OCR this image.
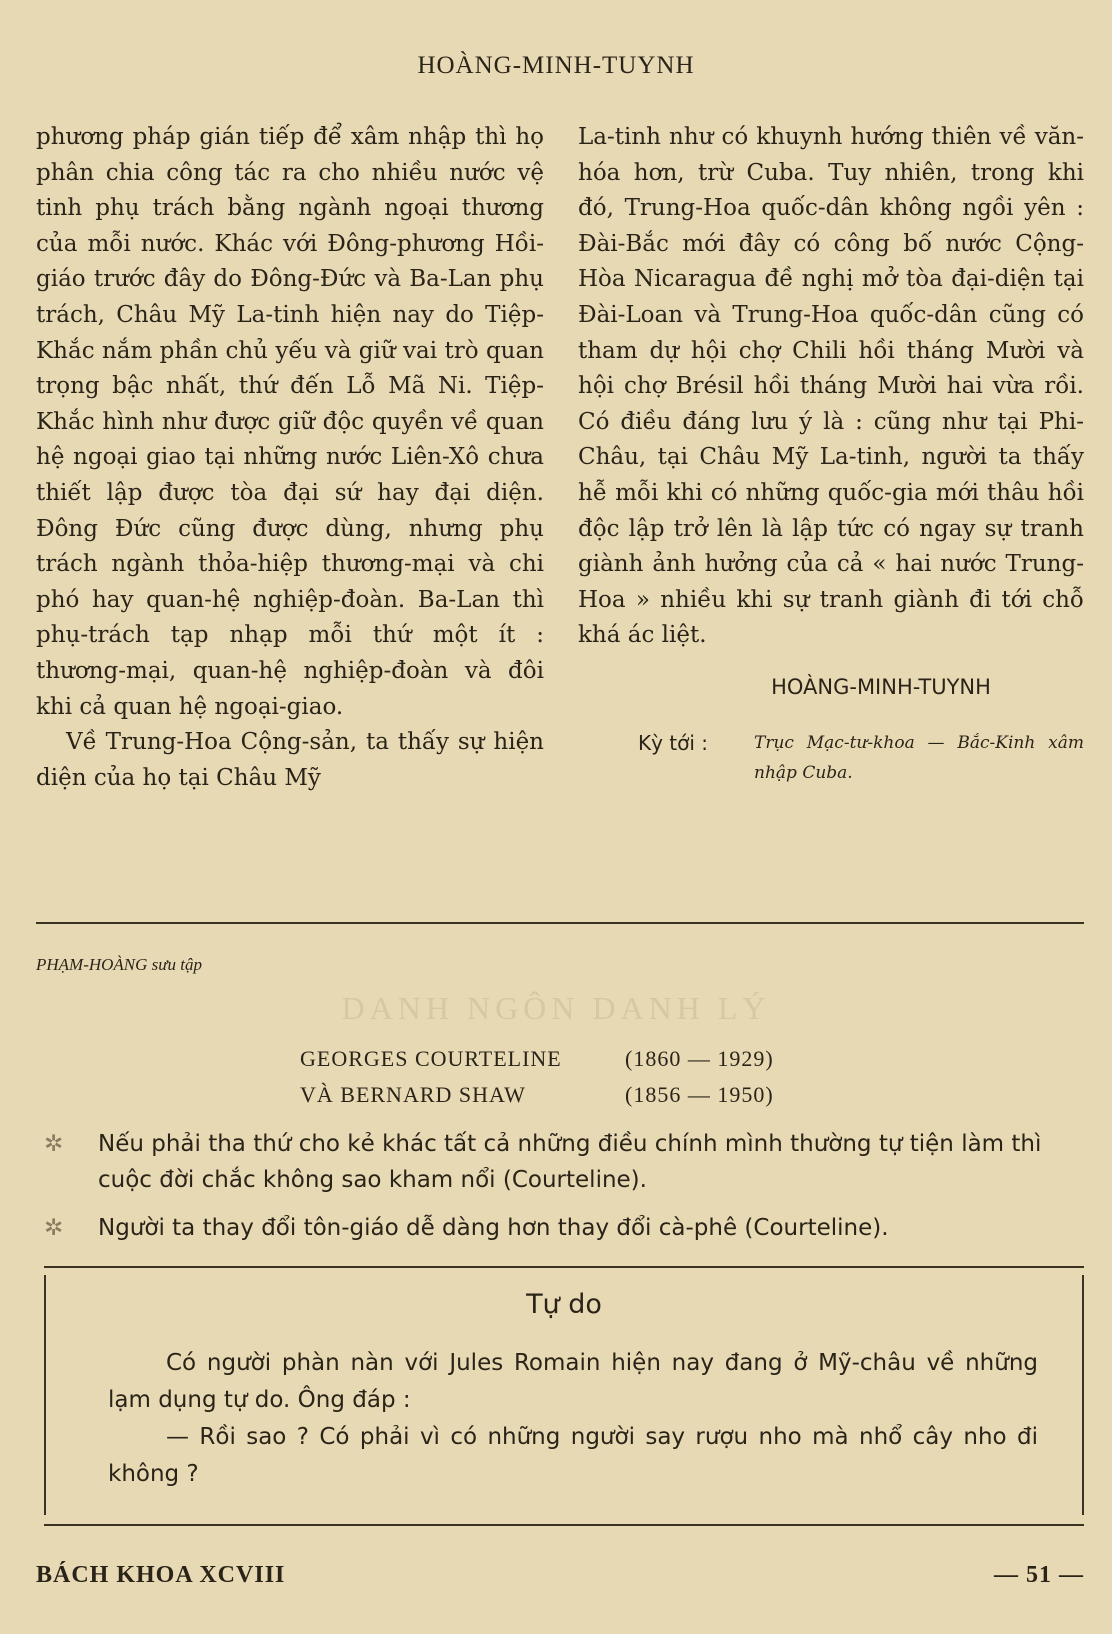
HOÀNG-MINH-TUYNH

phương pháp gián tiếp để xâm nhập thì họ phân chia công tác ra cho nhiều nước vệ tinh phụ trách bằng ngành ngoại thương của mỗi nước. Khác với Đông-phương Hồi-giáo trước đây do Đông-Đức và Ba-Lan phụ trách, Châu Mỹ La-tinh hiện nay do Tiệp-Khắc nắm phần chủ yếu và giữ vai trò quan trọng bậc nhất, thứ đến Lỗ Mã Ni. Tiệp-Khắc hình như được giữ độc quyền về quan hệ ngoại giao tại những nước Liên-Xô chưa thiết lập được tòa đại sứ hay đại diện. Đông Đức cũng được dùng, nhưng phụ trách ngành thỏa-hiệp thương-mại và chi phó hay quan-hệ nghiệp-đoàn. Ba-Lan thì phụ-trách tạp nhạp mỗi thứ một ít : thương-mại, quan-hệ nghiệp-đoàn và đôi khi cả quan hệ ngoại-giao.

Về Trung-Hoa Cộng-sản, ta thấy sự hiện diện của họ tại Châu Mỹ

La-tinh như có khuynh hướng thiên về văn-hóa hơn, trừ Cuba. Tuy nhiên, trong khi đó, Trung-Hoa quốc-dân không ngồi yên : Đài-Bắc mới đây có công bố nước Cộng-Hòa Nicaragua đề nghị mở tòa đại-diện tại Đài-Loan và Trung-Hoa quốc-dân cũng có tham dự hội chợ Chili hồi tháng Mười và hội chợ Brésil hồi tháng Mười hai vừa rồi. Có điều đáng lưu ý là : cũng như tại Phi-Châu, tại Châu Mỹ La-tinh, người ta thấy hễ mỗi khi có những quốc-gia mới thâu hồi độc lập trở lên là lập tức có ngay sự tranh giành ảnh hưởng của cả « hai nước Trung-Hoa » nhiều khi sự tranh giành đi tới chỗ khá ác liệt.

HOÀNG-MINH-TUYNH
Kỳ tới :	Trục Mạc-tư-khoa — Bắc-Kinh xâm nhập Cuba.
PHẠM-HOÀNG sưu tập
DANH NGÔN DANH LÝ
GEORGES COURTELINE	(1860 — 1929)
VÀ BERNARD SHAW	(1856 — 1950)
✲	Nếu phải tha thứ cho kẻ khác tất cả những điều chính mình thường tự tiện làm thì cuộc đời chắc không sao kham nổi (Courteline).
✲	Người ta thay đổi tôn-giáo dễ dàng hơn thay đổi cà-phê (Courteline).
Tự do

Có người phàn nàn với Jules Romain hiện nay đang ở Mỹ-châu về những lạm dụng tự do. Ông đáp :

— Rồi sao ? Có phải vì có những người say rượu nho mà nhổ cây nho đi không ?

BÁCH KHOA XCVIII	— 51 —
